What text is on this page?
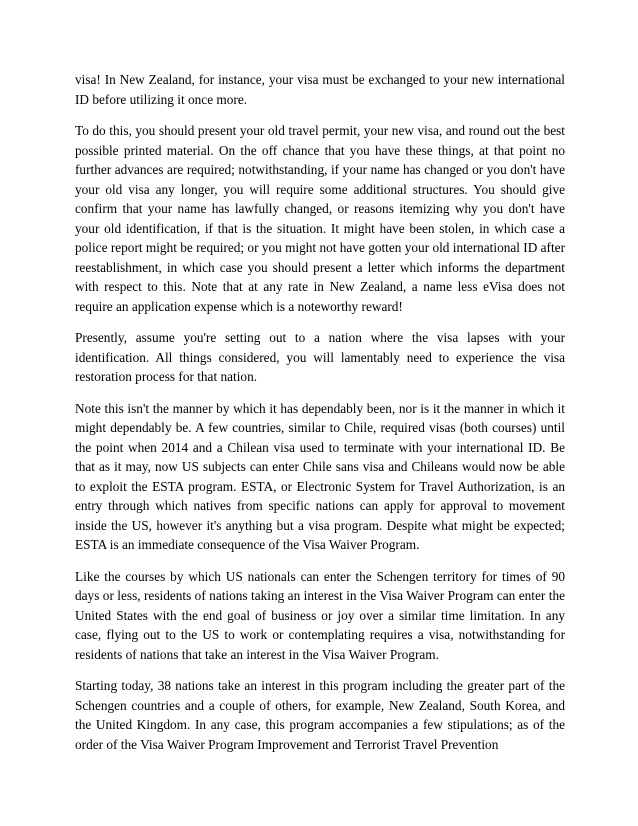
visa! In New Zealand, for instance, your visa must be exchanged to your new international ID before utilizing it once more.

To do this, you should present your old travel permit, your new visa, and round out the best possible printed material. On the off chance that you have these things, at that point no further advances are required; notwithstanding, if your name has changed or you don't have your old visa any longer, you will require some additional structures. You should give confirm that your name has lawfully changed, or reasons itemizing why you don't have your old identification, if that is the situation. It might have been stolen, in which case a police report might be required; or you might not have gotten your old international ID after reestablishment, in which case you should present a letter which informs the department with respect to this. Note that at any rate in New Zealand, a name less eVisa does not require an application expense which is a noteworthy reward!

Presently, assume you're setting out to a nation where the visa lapses with your identification. All things considered, you will lamentably need to experience the visa restoration process for that nation.

Note this isn't the manner by which it has dependably been, nor is it the manner in which it might dependably be. A few countries, similar to Chile, required visas (both courses) until the point when 2014 and a Chilean visa used to terminate with your international ID. Be that as it may, now US subjects can enter Chile sans visa and Chileans would now be able to exploit the ESTA program. ESTA, or Electronic System for Travel Authorization, is an entry through which natives from specific nations can apply for approval to movement inside the US, however it's anything but a visa program. Despite what might be expected; ESTA is an immediate consequence of the Visa Waiver Program.

Like the courses by which US nationals can enter the Schengen territory for times of 90 days or less, residents of nations taking an interest in the Visa Waiver Program can enter the United States with the end goal of business or joy over a similar time limitation. In any case, flying out to the US to work or contemplating requires a visa, notwithstanding for residents of nations that take an interest in the Visa Waiver Program.

Starting today, 38 nations take an interest in this program including the greater part of the Schengen countries and a couple of others, for example, New Zealand, South Korea, and the United Kingdom. In any case, this program accompanies a few stipulations; as of the order of the Visa Waiver Program Improvement and Terrorist Travel Prevention
